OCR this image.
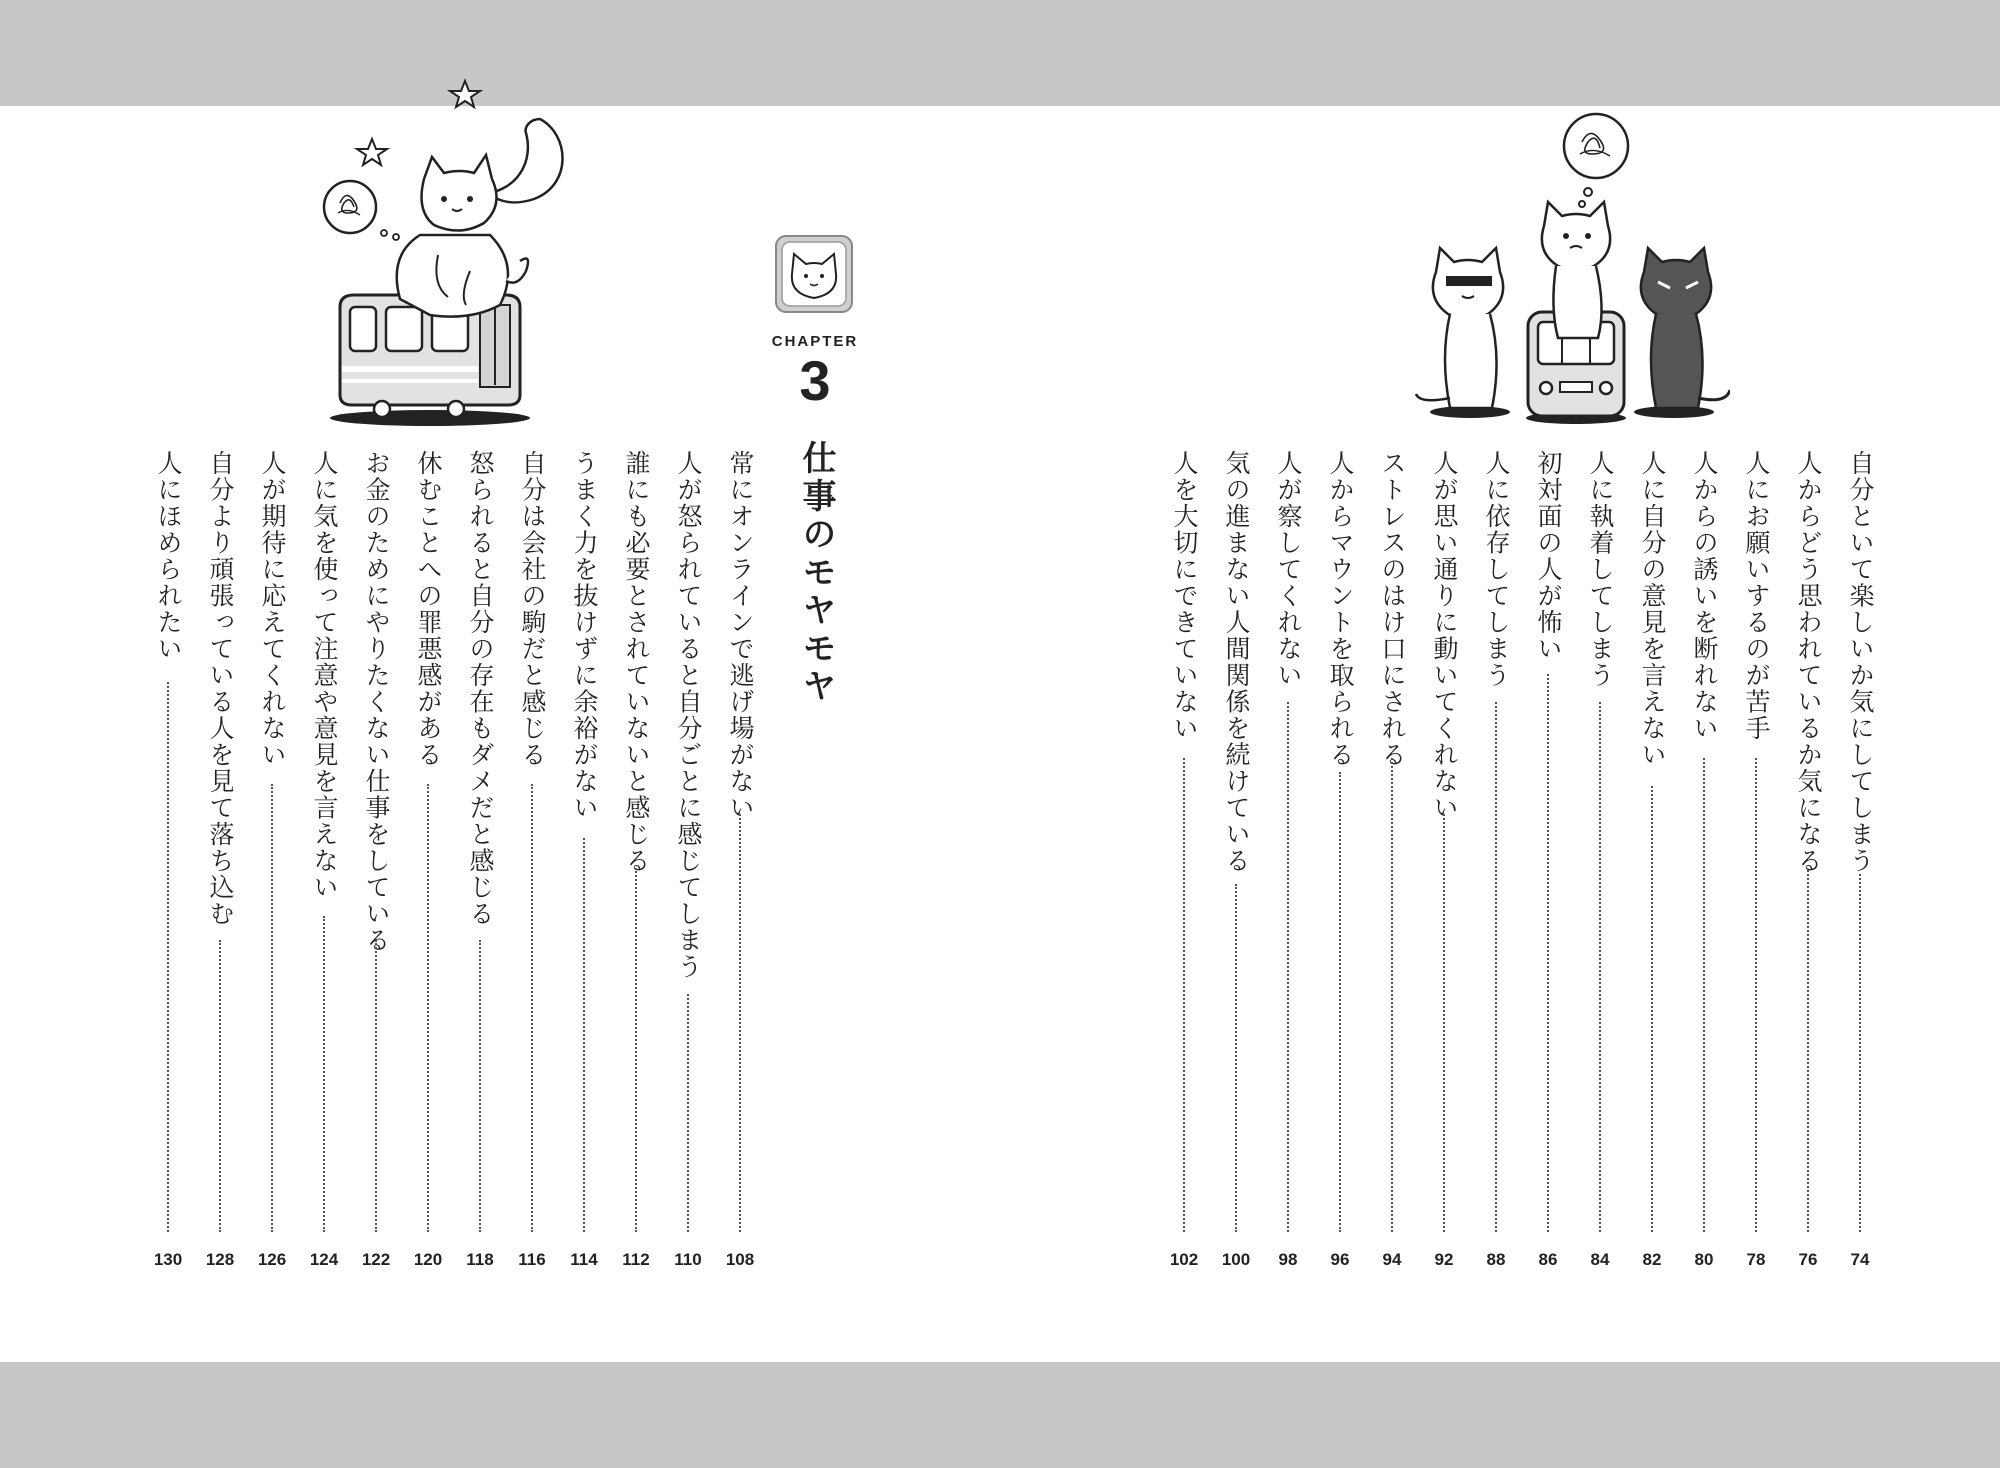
CHAPTER
3
仕事のモヤモヤ
常にオンラインで逃げ場がない
108
人が怒られていると自分ごとに感じてしまう
110
誰にも必要とされていないと感じる
112
うまく力を抜けずに余裕がない
114
自分は会社の駒だと感じる
116
怒られると自分の存在もダメだと感じる
118
休むことへの罪悪感がある
120
お金のためにやりたくない仕事をしている
122
人に気を使って注意や意見を言えない
124
人が期待に応えてくれない
126
自分より頑張っている人を見て落ち込む
128
人にほめられたい
130
自分といて楽しいか気にしてしまう
74
人からどう思われているか気になる
76
人にお願いするのが苦手
78
人からの誘いを断れない
80
人に自分の意見を言えない
82
人に執着してしまう
84
初対面の人が怖い
86
人に依存してしまう
88
人が思い通りに動いてくれない
92
ストレスのはけ口にされる
94
人からマウントを取られる
96
人が察してくれない
98
気の進まない人間関係を続けている
100
人を大切にできていない
102
